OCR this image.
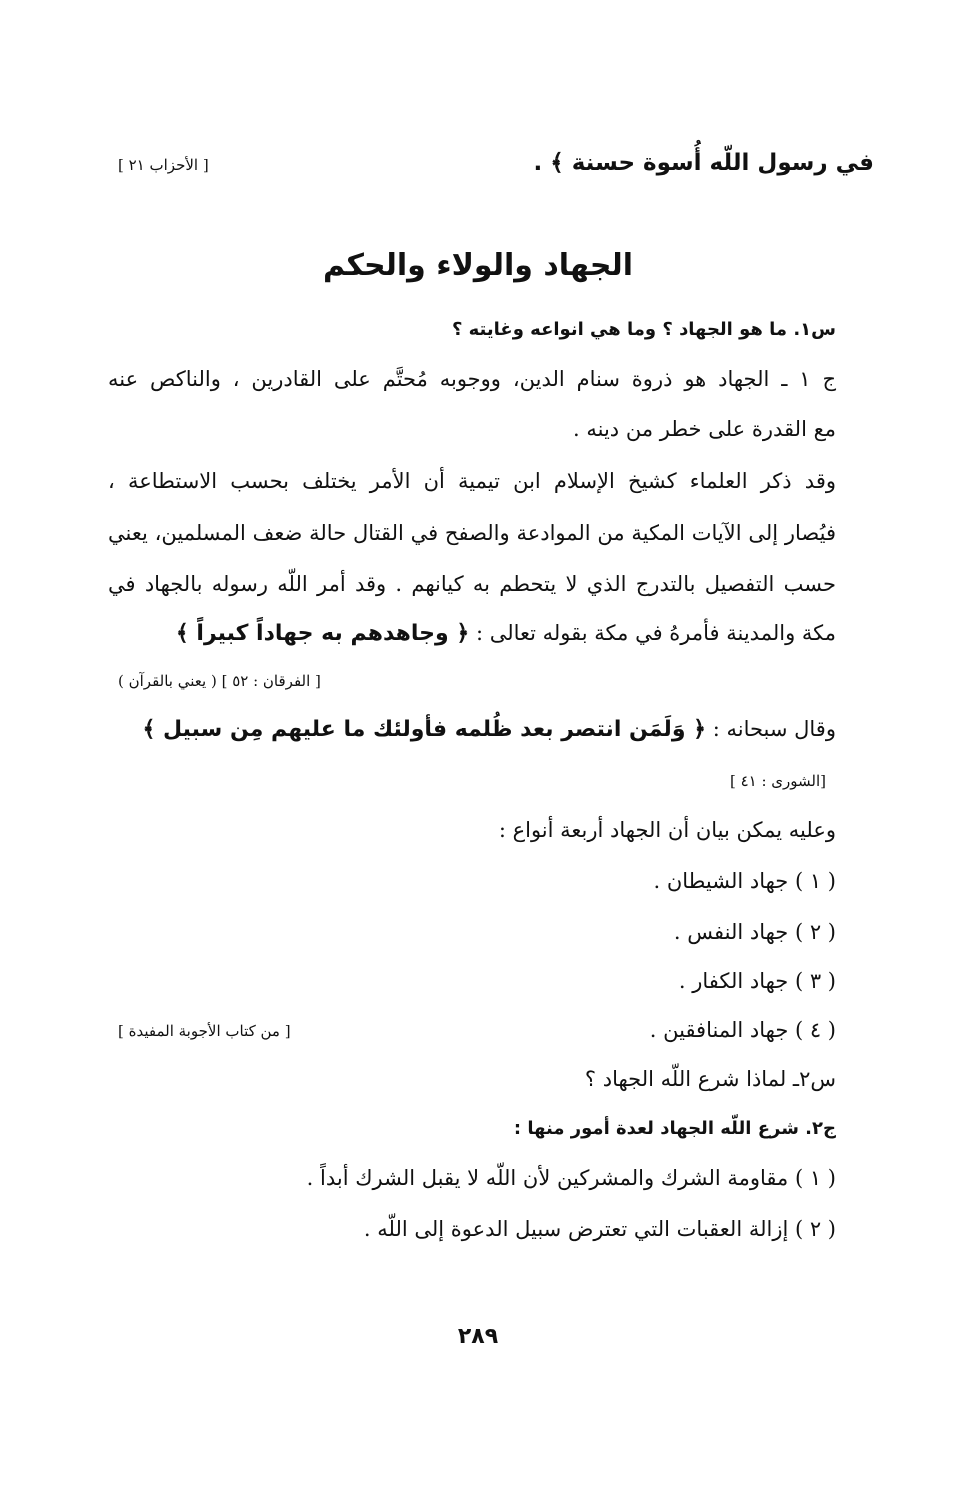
في رسول اللّه أُسوة حسنة ﴾ .
[ الأحزاب ٢١ ]
الجهاد والولاء والحكم
س١. ما هو الجهاد ؟ وما هي انواعه وغايته ؟
ج ١ ـ الجهاد هو ذروة سنام الدين، ووجوبه مُحتَّم على القادرين ، والناكص عنه
مع القدرة على خطر من دينه .
وقد ذكر العلماء كشيخ الإسلام ابن تيمية أن الأمر يختلف بحسب الاستطاعة ،
فيُصار إلى الآيات المكية من الموادعة والصفح في القتال حالة ضعف المسلمين، يعني
حسب التفصيل بالتدرج الذي لا يتحطم به كيانهم . وقد أمر اللّه رسوله بالجهاد في
مكة والمدينة فأمرهُ في مكة بقوله تعالى : ﴿ وجاهدهم به جهاداً كبيراً ﴾
[ الفرقان : ٥٢ ] ( يعني بالقرآن )
وقال سبحانه : ﴿ وَلَمَن انتصر بعد ظُلمه فأولئك ما عليهم مِن سبيل ﴾
[الشورى : ٤١ ]
وعليه يمكن بيان أن الجهاد أربعة أنواع :
( ١ ) جهاد الشيطان .
( ٢ ) جهاد النفس .
( ٣ ) جهاد الكفار .
( ٤ ) جهاد المنافقين .
[ من كتاب الأجوبة المفيدة ]
س٢ـ لماذا شرع اللّه الجهاد ؟
ج٢. شرع اللّه الجهاد لعدة أمور منها :
( ١ ) مقاومة الشرك والمشركين لأن اللّه لا يقبل الشرك أبداً .
( ٢ ) إزالة العقبات التي تعترض سبيل الدعوة إلى اللّه .
٢٨٩
